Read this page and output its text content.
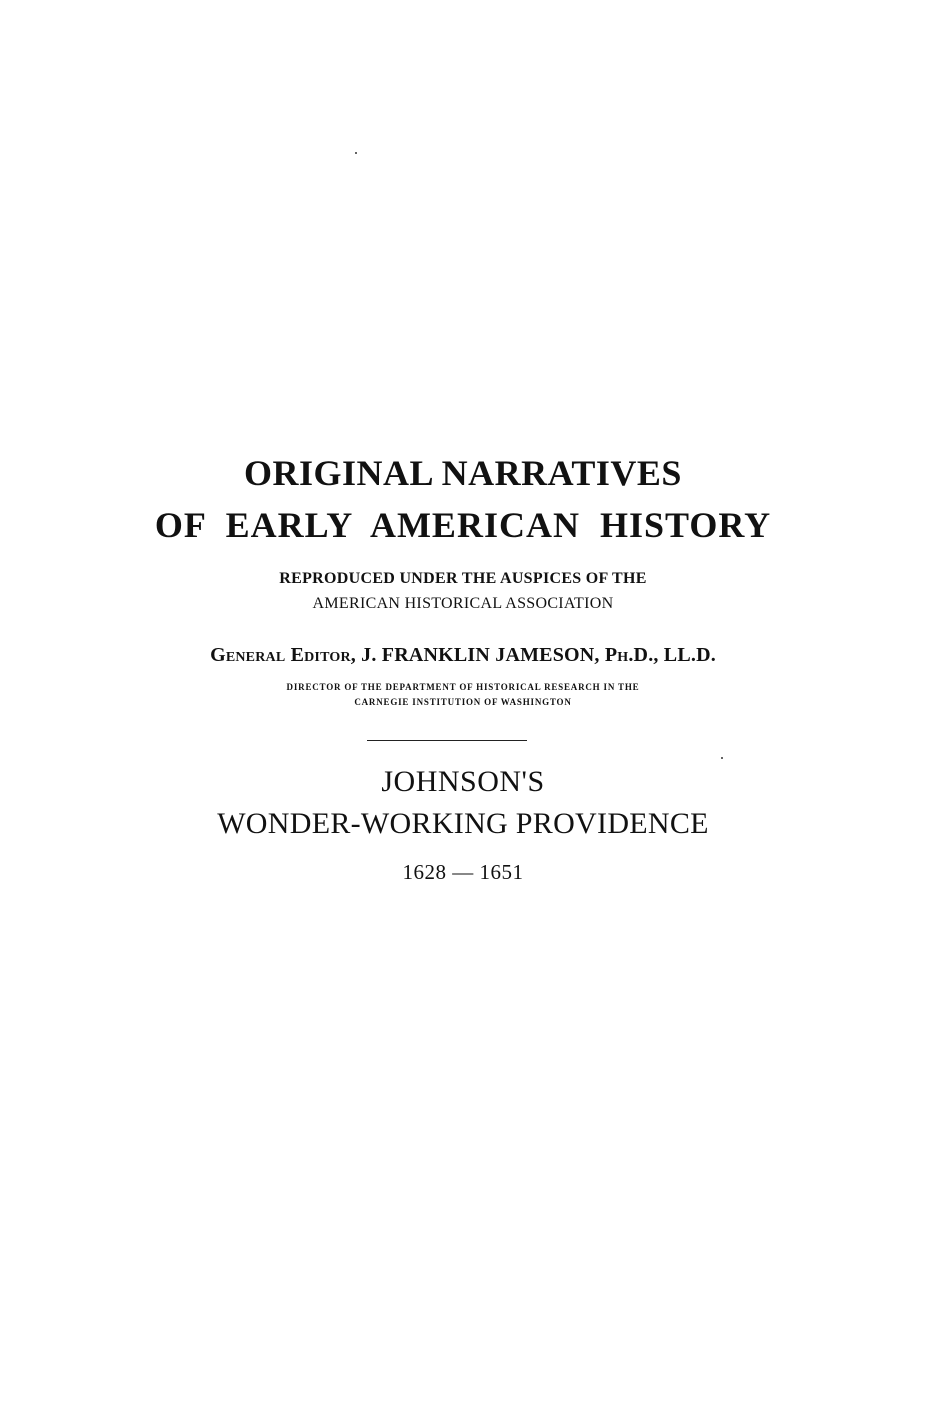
ORIGINAL NARRATIVES
OF EARLY AMERICAN HISTORY
REPRODUCED UNDER THE AUSPICES OF THE
AMERICAN HISTORICAL ASSOCIATION
General Editor, J. FRANKLIN JAMESON, Ph.D., LL.D.
DIRECTOR OF THE DEPARTMENT OF HISTORICAL RESEARCH IN THE
CARNEGIE INSTITUTION OF WASHINGTON
JOHNSON'S
WONDER-WORKING PROVIDENCE
1628 — 1651
